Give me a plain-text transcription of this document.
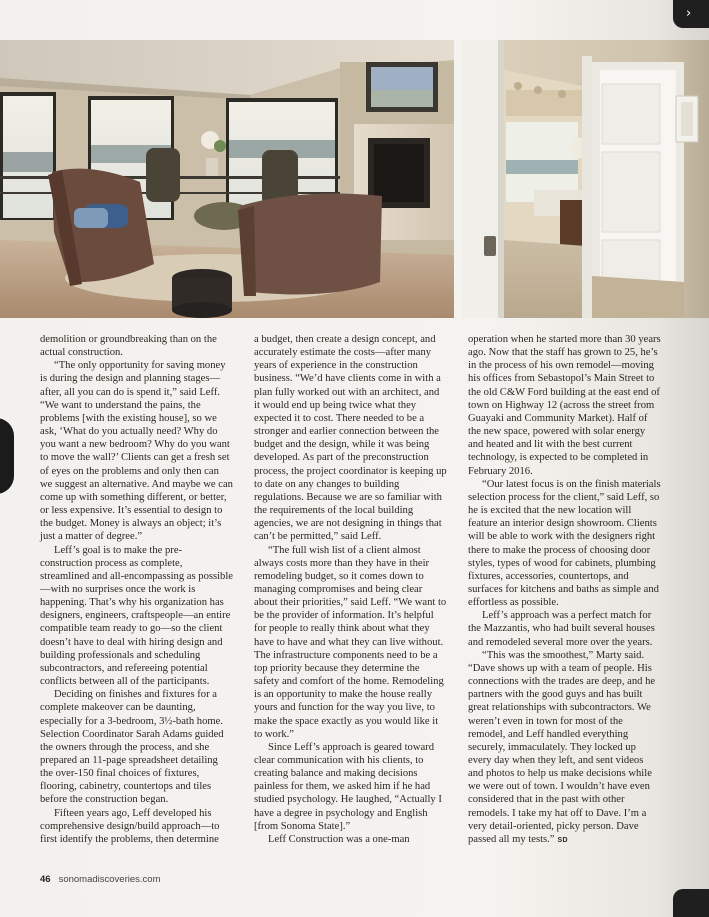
›

demolition or groundbreaking than on the actual construction.

“The only opportunity for saving money is during the design and planning stages—after, all you can do is spend it,” said Leff. “We want to understand the pains, the problems [with the existing house], so we ask, ‘What do you actually need? Why do you want a new bedroom? Why do you want to move the wall?’ Clients can get a fresh set of eyes on the problems and only then can we suggest an alternative. And maybe we can come up with something different, or better, or less expensive. It’s essential to design to the budget. Money is always an object; it’s just a matter of degree.”

Leff’s goal is to make the pre-construction process as complete, streamlined and all-encompassing as possible—with no surprises once the work is happening. That’s why his organization has designers, engineers, craftspeople—an entire compatible team ready to go—so the client doesn’t have to deal with hiring design and building professionals and scheduling subcontractors, and refereeing potential conflicts between all of the participants.

Deciding on finishes and fixtures for a complete makeover can be daunting, especially for a 3-bedroom, 3½-bath home. Selection Coordinator Sarah Adams guided the owners through the process, and she prepared an 11-page spreadsheet detailing the over-150 final choices of fixtures, flooring, cabinetry, countertops and tiles before the construction began.

Fifteen years ago, Leff developed his comprehensive design/build approach—to first identify the problems, then determine

a budget, then create a design concept, and accurately estimate the costs—after many years of experience in the construction business. “We’d have clients come in with a plan fully worked out with an architect, and it would end up being twice what they expected it to cost. There needed to be a stronger and earlier connection between the budget and the design, while it was being developed. As part of the preconstruction process, the project coordinator is keeping up to date on any changes to building regulations. Because we are so familiar with the requirements of the local building agencies, we are not designing in things that can’t be permitted,” said Leff.

“The full wish list of a client almost always costs more than they have in their remodeling budget, so it comes down to managing compromises and being clear about their priorities,” said Leff. “We want to be the provider of information. It’s helpful for people to really think about what they have to have and what they can live without. The infrastructure components need to be a top priority because they determine the safety and comfort of the home. Remodeling is an opportunity to make the house really yours and function for the way you live, to make the space exactly as you would like it to work.”

Since Leff’s approach is geared toward clear communication with his clients, to creating balance and making decisions painless for them, we asked him if he had studied psychology. He laughed, “Actually I have a degree in psychology and English [from Sonoma State].”

Leff Construction was a one-man

operation when he started more than 30 years ago. Now that the staff has grown to 25, he’s in the process of his own remodel—moving his offices from Sebastopol’s Main Street to the old C&W Ford building at the east end of town on Highway 12 (across the street from Guayaki and Community Market). Half of the new space, powered with solar energy and heated and lit with the best current technology, is expected to be completed in February 2016.

“Our latest focus is on the finish materials selection process for the client,” said Leff, so he is excited that the new location will feature an interior design showroom. Clients will be able to work with the designers right there to make the process of choosing door styles, types of wood for cabinets, plumbing fixtures, accessories, countertops, and surfaces for kitchens and baths as simple and effortless as possible.

Leff’s approach was a perfect match for the Mazzantis, who had built several houses and remodeled several more over the years.

“This was the smoothest,” Marty said. “Dave shows up with a team of people. His connections with the trades are deep, and he partners with the good guys and has built great relationships with subcontractors. We weren’t even in town for most of the remodel, and Leff handled everything securely, immaculately. They locked up every day when they left, and sent videos and photos to help us make decisions while we were out of town. I wouldn’t have even considered that in the past with other remodels. I take my hat off to Dave. I’m a very detail-oriented, picky person. Dave passed all my tests.” SD

46 sonomadiscoveries.com
